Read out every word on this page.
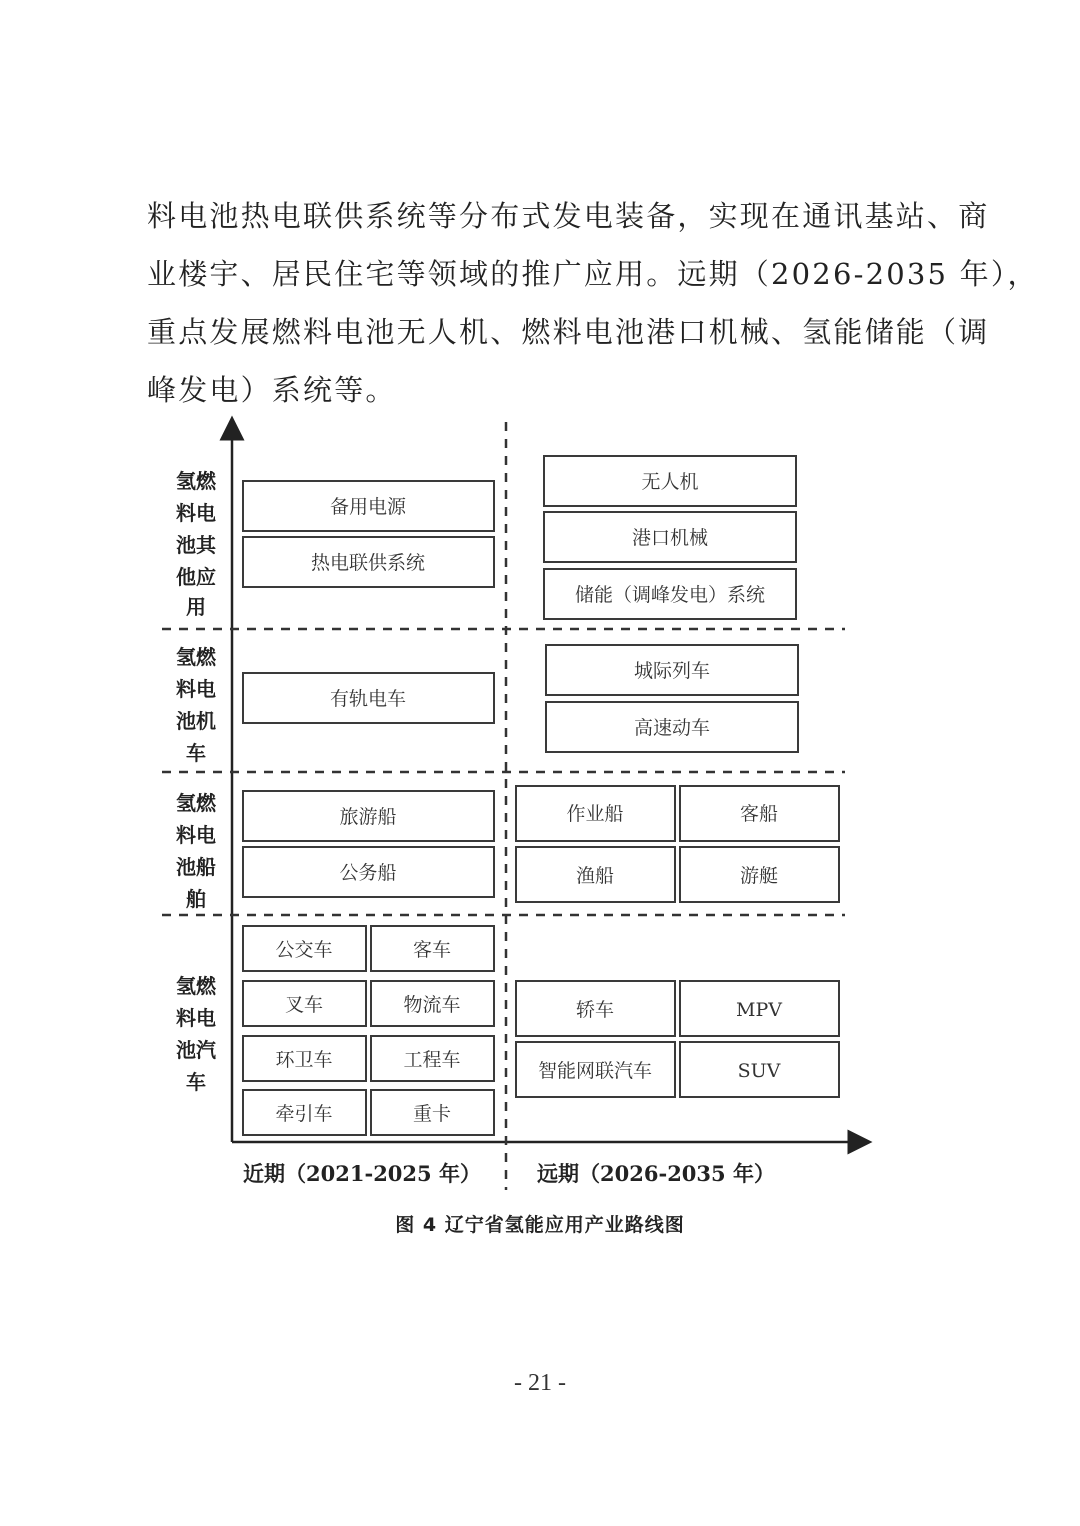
料电池热电联供系统等分布式发电装备，实现在通讯基站、商
业楼宇、居民住宅等领域的推广应用。远期（2026-2035 年），
重点发展燃料电池无人机、燃料电池港口机械、氢能储能（调
峰发电）系统等。
氢燃
料电
池其
他应
用
备用电源
热电联供系统
无人机
港口机械
储能（调峰发电）系统
氢燃
料电
池机
车
有轨电车
城际列车
高速动车
氢燃
料电
池船
舶
旅游船
公务船
作业船	客船
渔船	游艇
氢燃
料电
池汽
车
公交车	客车
叉车	物流车
环卫车	工程车
牵引车	重卡
轿车	MPV
智能网联汽车	SUV
近期（2021-2025 年）	远期（2026-2035 年）
图 4 辽宁省氢能应用产业路线图
- 21 -
